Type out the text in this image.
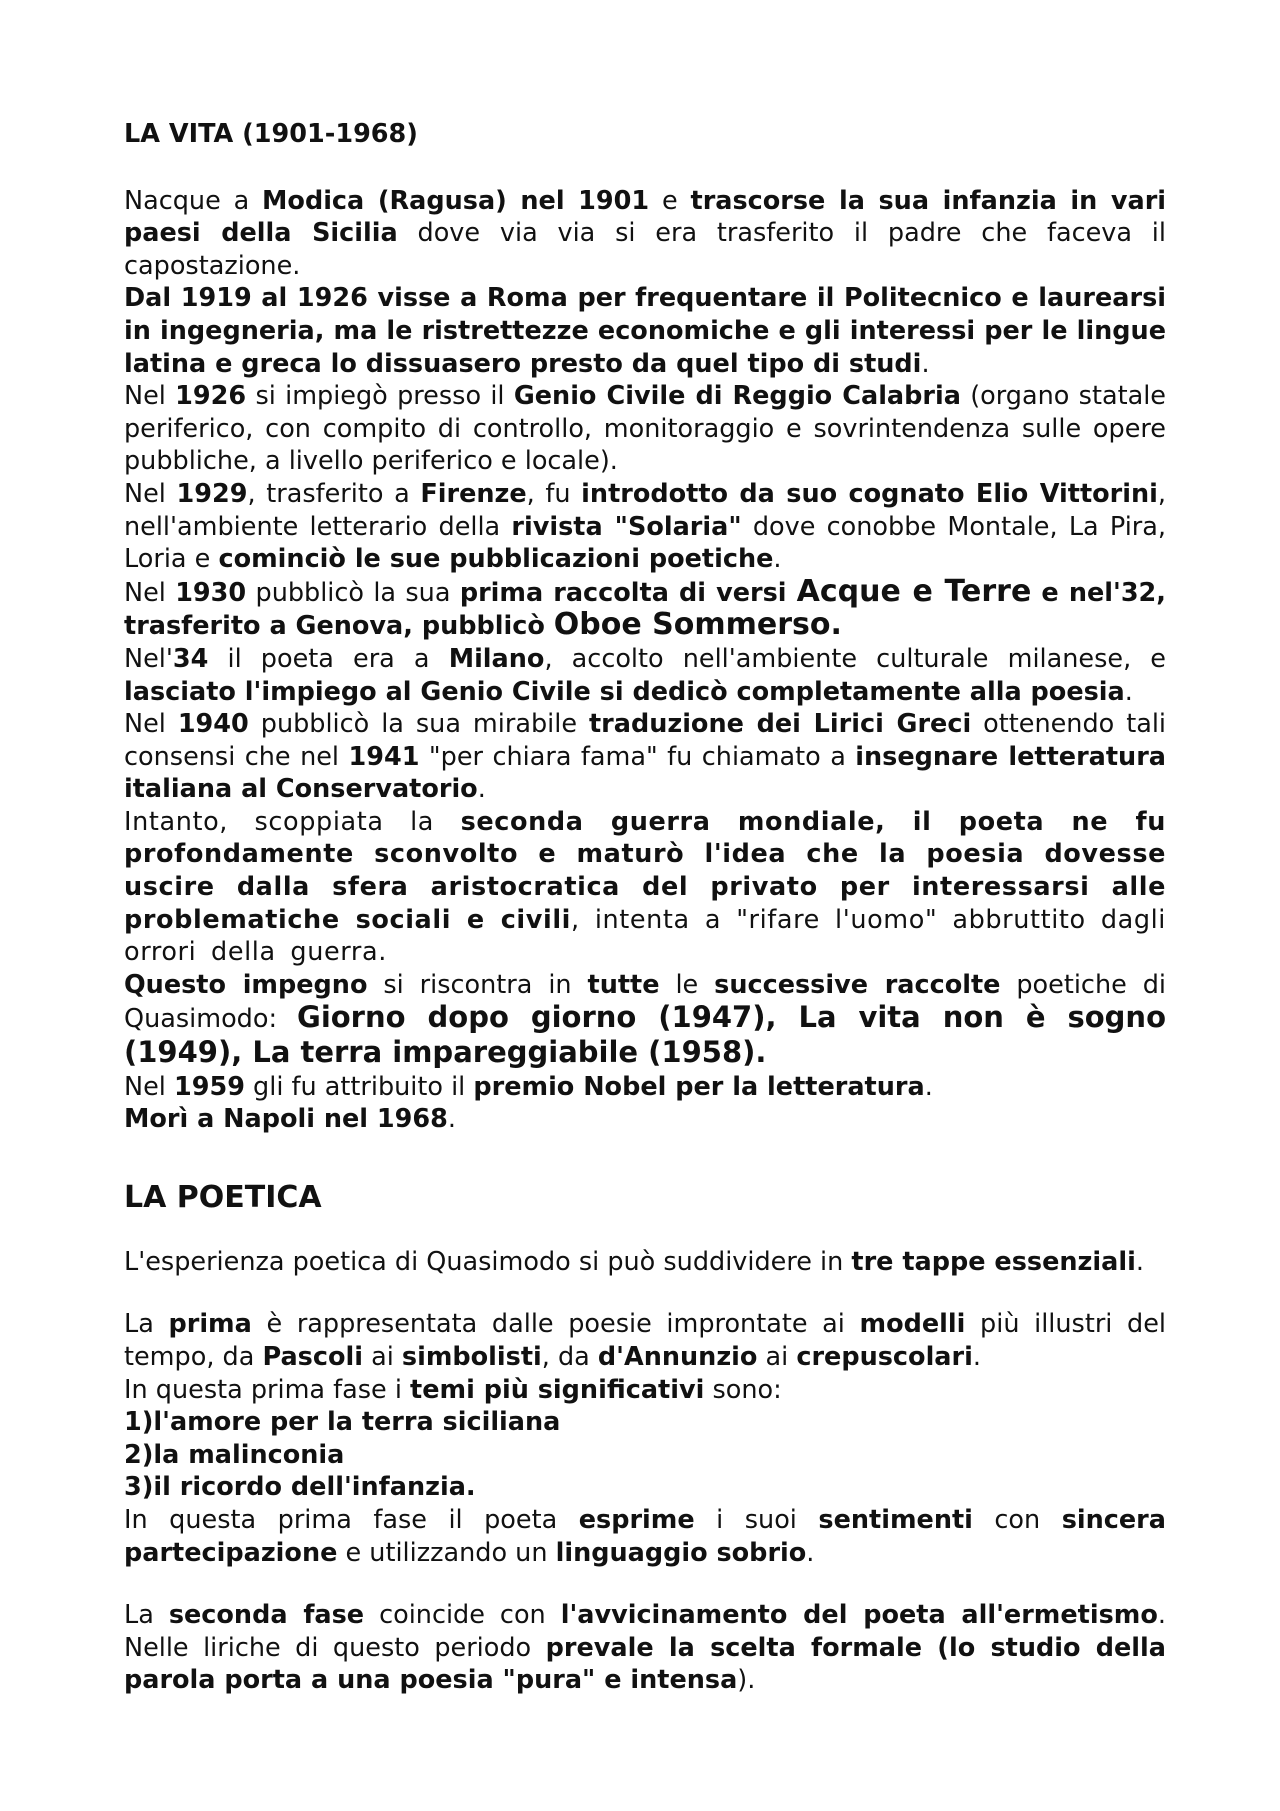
LA VITA (1901-1968)

Nacque a Modica (Ragusa) nel 1901 e trascorse la sua infanzia in vari paesi della Sicilia dove via via si era trasferito il padre che faceva il capostazione.

Dal 1919 al 1926 visse a Roma per frequentare il Politecnico e laurearsi in ingegneria, ma le ristrettezze economiche e gli interessi per le lingue latina e greca lo dissuasero presto da quel tipo di studi.

Nel 1926 si impiegò presso il Genio Civile di Reggio Calabria (organo statale periferico, con compito di controllo, monitoraggio e sovrintendenza sulle opere pubbliche, a livello periferico e locale).

Nel 1929, trasferito a Firenze, fu introdotto da suo cognato Elio Vittorini, nell'ambiente letterario della rivista "Solaria" dove conobbe Montale, La Pira, Loria e cominciò le sue pubblicazioni poetiche.

Nel 1930 pubblicò la sua prima raccolta di versi Acque e Terre e nel'32, trasferito a Genova, pubblicò Oboe Sommerso.

Nel'34 il poeta era a Milano, accolto nell'ambiente culturale milanese, e lasciato l'impiego al Genio Civile si dedicò completamente alla poesia.

Nel 1940 pubblicò la sua mirabile traduzione dei Lirici Greci ottenendo tali consensi che nel 1941 "per chiara fama" fu chiamato a insegnare letteratura italiana al Conservatorio.

Intanto, scoppiata la seconda guerra mondiale, il poeta ne fu profondamente sconvolto e maturò l'idea che la poesia dovesse uscire dalla sfera aristocratica del privato per interessarsi alle problematiche sociali e civili, intenta a "rifare l'uomo" abbruttito dagli orrori della guerra.

Questo impegno si riscontra in tutte le successive raccolte poetiche di Quasimodo: Giorno dopo giorno (1947), La vita non è sogno (1949), La terra impareggiabile (1958).

Nel 1959 gli fu attribuito il premio Nobel per la letteratura.

Morì a Napoli nel 1968.

LA POETICA

L'esperienza poetica di Quasimodo si può suddividere in tre tappe essenziali.

La prima è rappresentata dalle poesie improntate ai modelli più illustri del tempo, da Pascoli ai simbolisti, da d'Annunzio ai crepuscolari.

In questa prima fase i temi più significativi sono:

1)l'amore per la terra siciliana

2)la malinconia

3)il ricordo dell'infanzia.

In questa prima fase il poeta esprime i suoi sentimenti con sincera partecipazione e utilizzando un linguaggio sobrio.

La seconda fase coincide con l'avvicinamento del poeta all'ermetismo. Nelle liriche di questo periodo prevale la scelta formale (lo studio della parola porta a una poesia "pura" e intensa).
